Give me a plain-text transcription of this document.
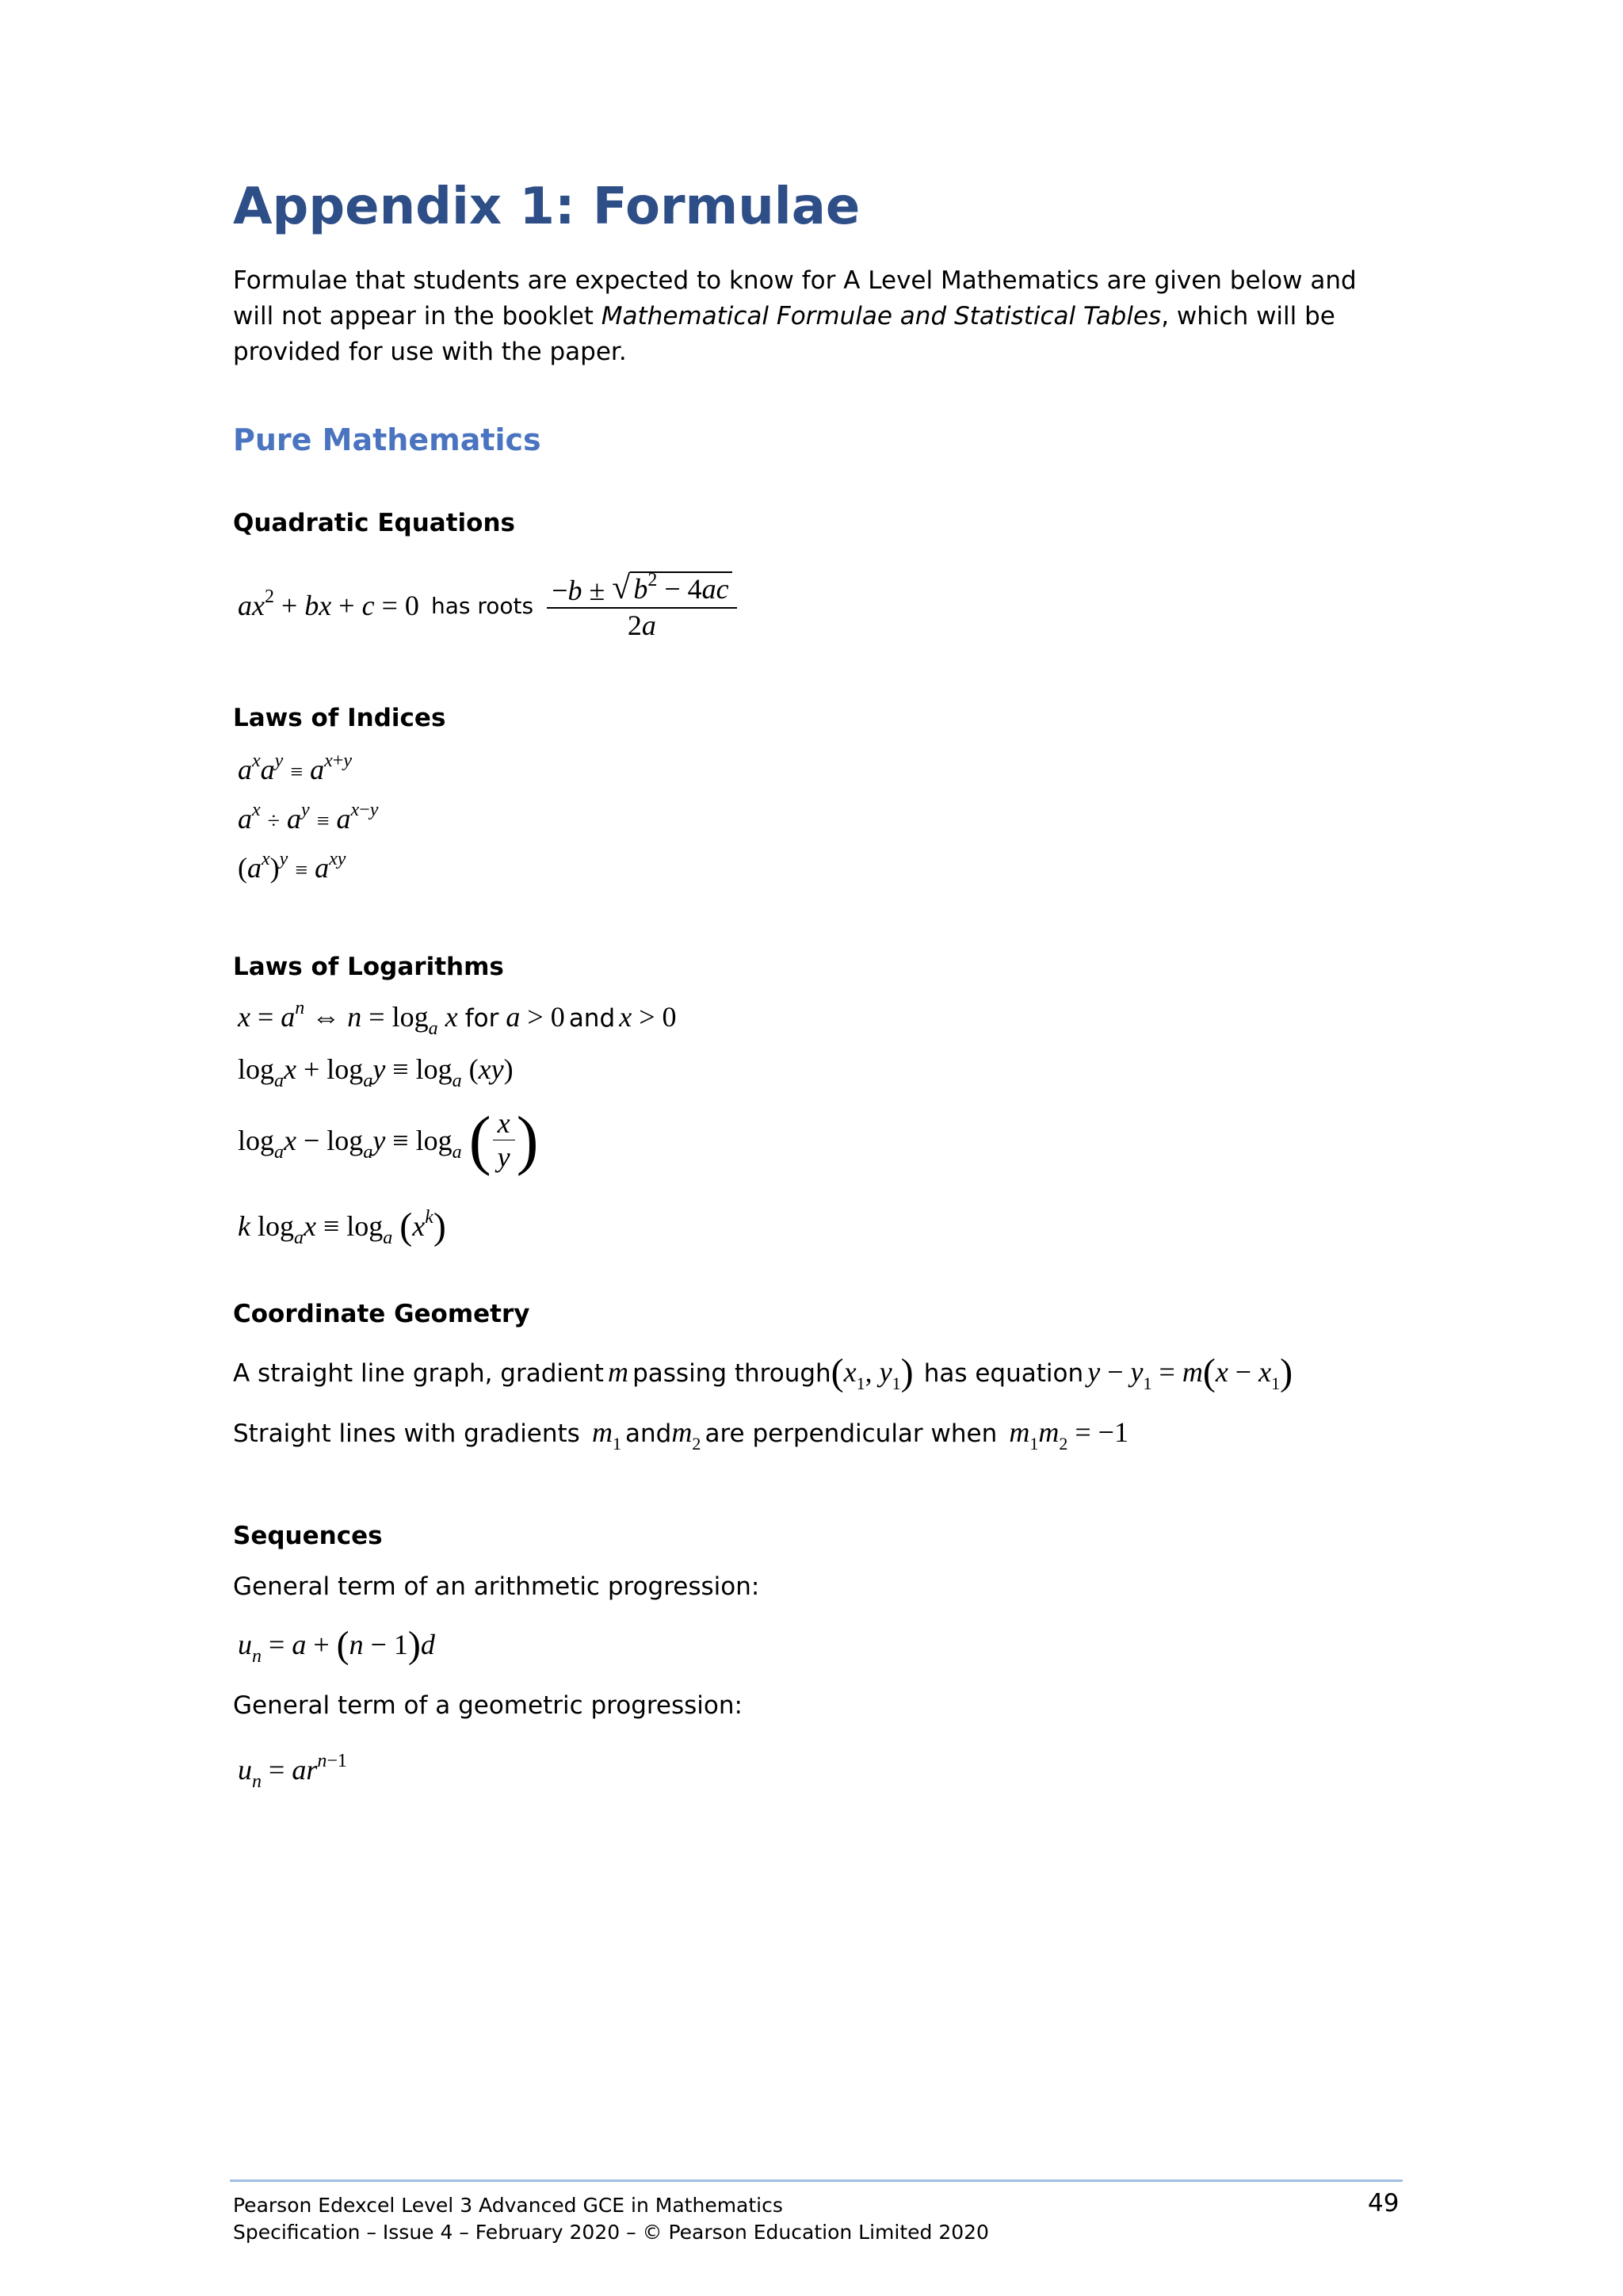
Appendix 1: Formulae
Formulae that students are expected to know for A Level Mathematics are given below and
will not appear in the booklet Mathematical Formulae and Statistical Tables, which will be
provided for use with the paper.
Pure Mathematics
Quadratic Equations
$ax^2$ + bx + c = 0 has roots $\frac{-b \pm √ b^2 - 4ac}{2a}$
Laws of Indices
$a^xa^y \equiv a^{x+y}$
$a^x \div a^y \equiv a^{x-y}$
$(a^x)^y \equiv a^{xy}$
Laws of Logarithms
$x = a^n$ ⇔ $n = \log_a x$ for a > 0 and x > 0
$\log_ax + \log_ay \equiv \log_a (xy)$
$\log_ax - \log_ay \equiv \log_a$ ( $\frac{x}{y}$ )
k $\log_ax \equiv \log_a (x^k)$
Coordinate Geometry
A straight line graph, gradient m passing $through(x_1$, $y_1$) has equation $y - y_1 = m(x - x_1)$
Straight lines with gradients $m_1$ andm$_2$ are perpendicular when $m_1m_2 = -1$
Sequences
General term of an arithmetic progression:
$u_n = a + (n - 1)d$
General term of a geometric progression:
$u_n = ar^{n-1}$
Pearson Edexcel Level 3 Advanced GCE in Mathematics
Specification – Issue 4 – February 2020 – © Pearson Education Limited 2020
49
